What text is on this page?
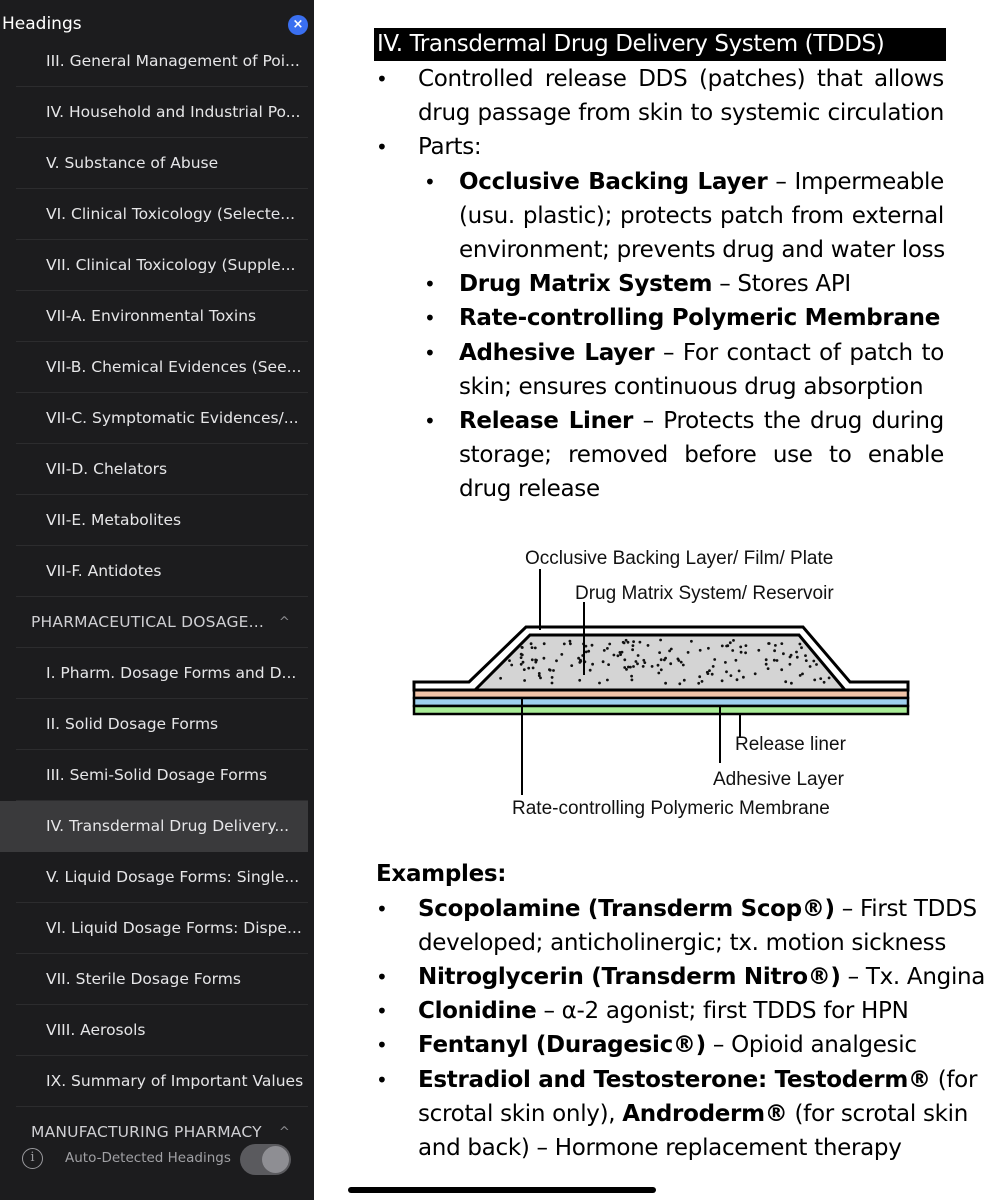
Headings	×
III. General Management of Poi...
IV. Household and Industrial Po...
V. Substance of Abuse
VI. Clinical Toxicology (Selecte...
VII. Clinical Toxicology (Supple...
VII-A. Environmental Toxins
VII-B. Chemical Evidences (See...
VII-C. Symptomatic Evidences/...
VII-D. Chelators
VII-E. Metabolites
VII-F. Antidotes
PHARMACEUTICAL DOSAGE... ^
I. Pharm. Dosage Forms and D...
II. Solid Dosage Forms
III. Semi-Solid Dosage Forms
IV. Transdermal Drug Delivery...
V. Liquid Dosage Forms: Single...
VI. Liquid Dosage Forms: Dispe...
VII. Sterile Dosage Forms
VIII. Aerosols
IX. Summary of Important Values
MANUFACTURING PHARMACY ^
i	Auto-Detected Headings
IV. Transdermal Drug Delivery System (TDDS)
• Controlled release DDS (patches) that allows
drug passage from skin to systemic circulation
• Parts:
• Occlusive Backing Layer – Impermeable
(usu. plastic); protects patch from external
environment; prevents drug and water loss
• Drug Matrix System – Stores API
• Rate-controlling Polymeric Membrane
• Adhesive Layer – For contact of patch to
skin; ensures continuous drug absorption
• Release Liner – Protects the drug during
storage; removed before use to enable
drug release
Occlusive Backing Layer/ Film/ Plate
Drug Matrix System/ Reservoir
Release liner
Adhesive Layer
Rate-controlling Polymeric Membrane
Examples:
• Scopolamine (Transderm Scop®) – First TDDS
developed; anticholinergic; tx. motion sickness
• Nitroglycerin (Transderm Nitro®) – Tx. Angina
• Clonidine – α-2 agonist; first TDDS for HPN
• Fentanyl (Duragesic®) – Opioid analgesic
• Estradiol and Testosterone: Testoderm® (for
scrotal skin only), Androderm® (for scrotal skin
and back) – Hormone replacement therapy
